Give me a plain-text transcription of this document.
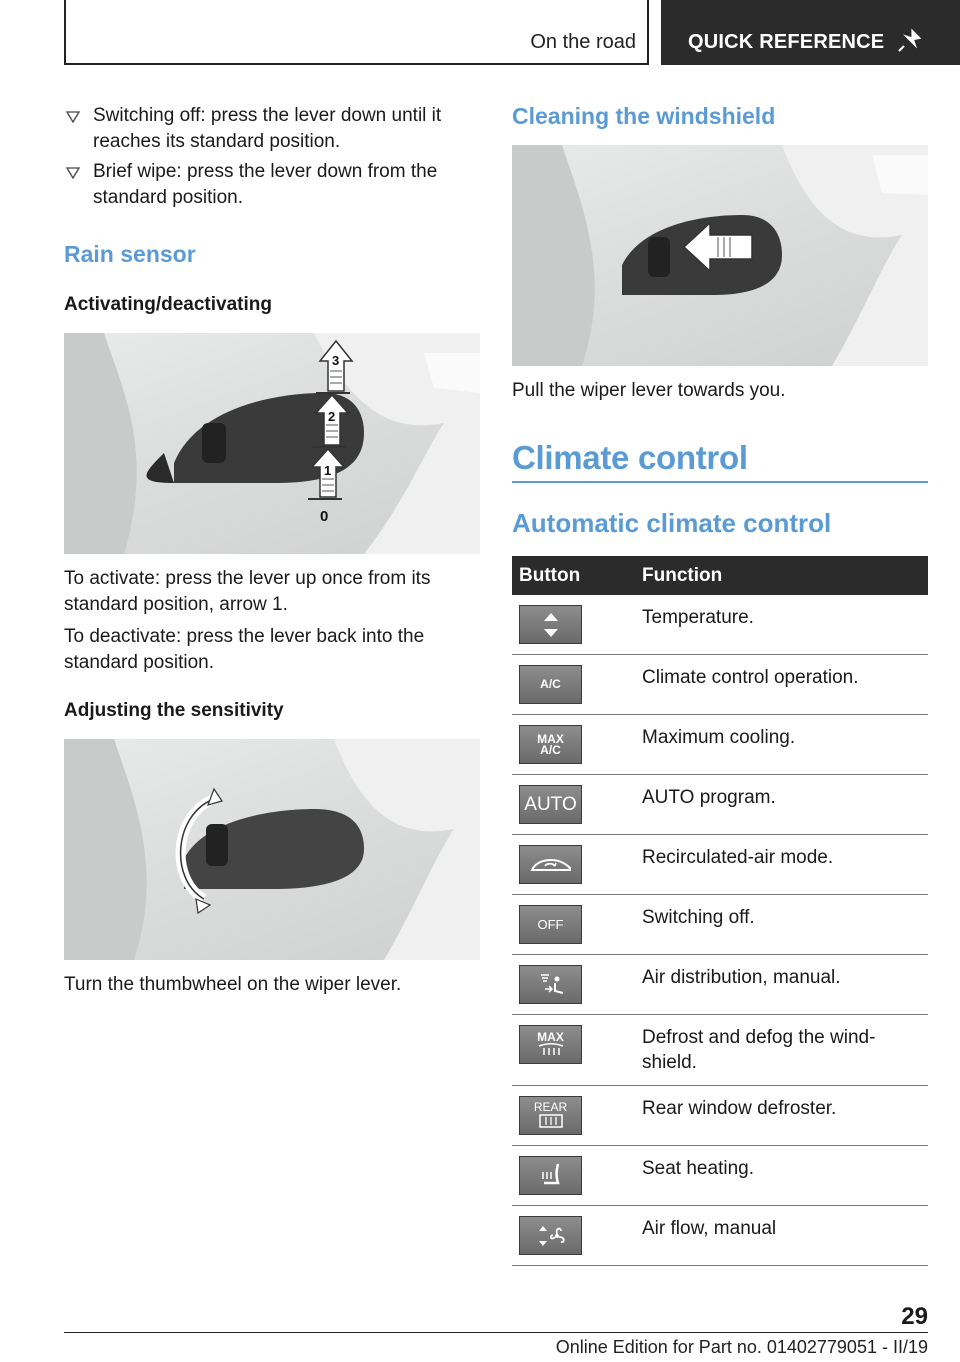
On the road	QUICK REFERENCE
Switching off: press the lever down until it reaches its standard position.
Brief wipe: press the lever down from the standard position.
Rain sensor
Activating/deactivating
3
2
1
0

To activate: press the lever up once from its standard position, arrow 1.

To deactivate: press the lever back into the standard position.

Adjusting the sensitivity

Turn the thumbwheel on the wiper lever.

Cleaning the windshield

Pull the wiper lever towards you.

Climate control
Automatic climate control
Button	Function

	Temperature.

A/C	Climate control operation.

MAX A/C	Maximum cooling.

AUTO	AUTO program.

	Recirculated-air mode.

OFF	Switching off.

	Air distribution, manual.

MAX	Defrost and defog the wind-shield.

REAR	Rear window defroster.

	Seat heating.

	Air flow, manual
29
Online Edition for Part no. 01402779051 - II/19
